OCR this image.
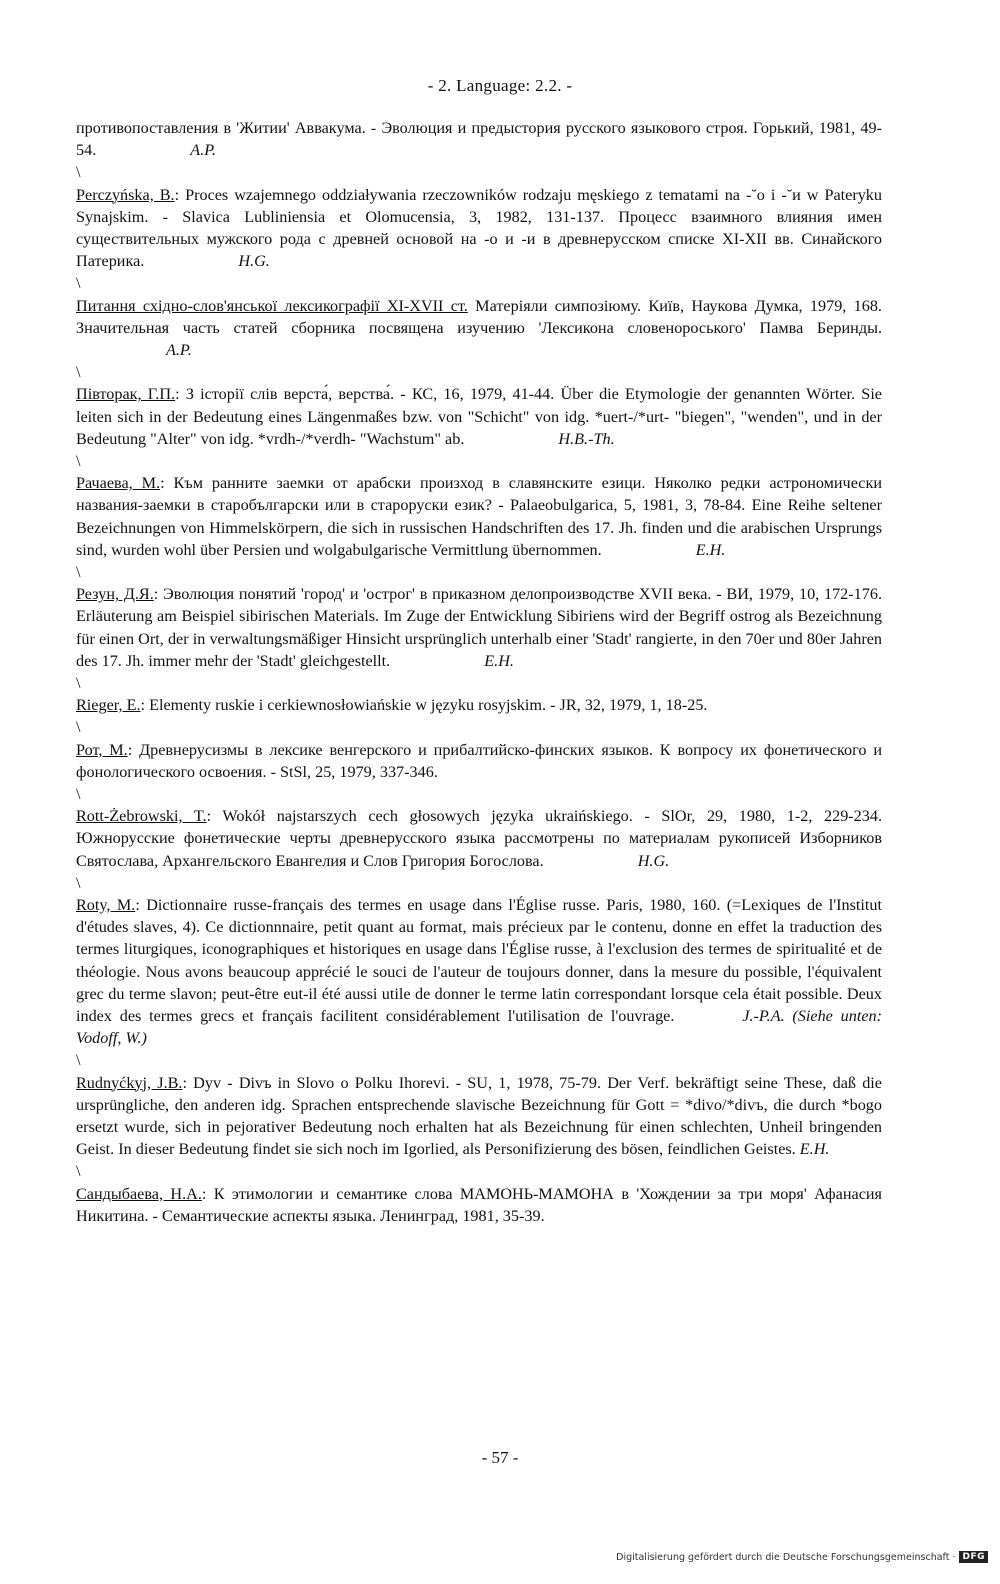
- 2. Language: 2.2. -

противопоставления в 'Житии' Аввакума. - Эволюция и предыстория русского языкового строя. Горький, 1981, 49-54.	A.P.

\

Perczyńska, B.: Proces wzajemnego oddziaływania rzeczowników rodzaju męskiego z tematami na -˘o i -˘и w Pateryku Synajskim. - Slavica Lubliniensia et Olomucensia, 3, 1982, 131-137. Процесс взаимного влияния имен существительных мужского рода с древней основой на -о и -и в древнерусском списке XI-XII вв. Синайского Патерика.	H.G.

\

Питання східно-слов'янської лексикографії XI-XVII ст. Матеріяли симпозіюму. Київ, Наукова Думка, 1979, 168. Значительная часть статей сборника посвящена изучению 'Лексикона словенороського' Памва Беринды. A.P.

\

Півторак, Г.П.: З історії слів верста́, верства́. - КС, 16, 1979, 41-44. Über die Etymologie der genannten Wörter. Sie leiten sich in der Bedeutung eines Längenmaßes bzw. von "Schicht" von idg. *uert-/*urt- "biegen", "wenden", und in der Bedeutung "Alter" von idg. *vrdh-/*verdh- "Wachstum" ab.	H.B.-Th.

\

Рачаева, М.: Към ранните заемки от арабски произход в славянските езици. Няколко редки астрономически названия-заемки в старобългарски или в староруски език? - Palaeobulgarica, 5, 1981, 3, 78-84. Eine Reihe seltener Bezeichnungen von Himmelskörpern, die sich in russischen Handschriften des 17. Jh. finden und die arabischen Ursprungs sind, wurden wohl über Persien und wolgabulgarische Vermittlung übernommen.	E.H.

\

Резун, Д.Я.: Эволюция понятий 'город' и 'острог' в приказном делопроизводстве XVII века. - ВИ, 1979, 10, 172-176. Erläuterung am Beispiel sibirischen Materials. Im Zuge der Entwicklung Sibiriens wird der Begriff ostrog als Bezeichnung für einen Ort, der in verwaltungsmäßiger Hinsicht ursprünglich unterhalb einer 'Stadt' rangierte, in den 70er und 80er Jahren des 17. Jh. immer mehr der 'Stadt' gleichgestellt.	E.H.

\

Rieger, E.: Elementy ruskie i cerkiewnosłowiańskie w języku rosyjskim. - JR, 32, 1979, 1, 18-25.

\

Рот, М.: Древнерусизмы в лексике венгерского и прибалтийско-финских языков. К вопросу их фонетического и фонологического освоения. - StSl, 25, 1979, 337-346.

\

Rott-Żebrowski, T.: Wokół najstarszych cech głosowych języka ukraińskiego. - SlOr, 29, 1980, 1-2, 229-234. Южнорусские фонетические черты древнерусского языка рассмотрены по материалам рукописей Изборников Святослава, Архангельского Евангелия и Слов Григория Богослова.	H.G.

\

Roty, M.: Dictionnaire russe-français des termes en usage dans l'Église russe. Paris, 1980, 160. (=Lexiques de l'Institut d'études slaves, 4). Ce dictionnnaire, petit quant au format, mais précieux par le contenu, donne en effet la traduction des termes liturgiques, iconographiques et historiques en usage dans l'Église russe, à l'exclusion des termes de spiritualité et de théologie. Nous avons beaucoup apprécié le souci de l'auteur de toujours donner, dans la mesure du possible, l'équivalent grec du terme slavon; peut-être eut-il été aussi utile de donner le terme latin correspondant lorsque cela était possible. Deux index des termes grecs et français facilitent considérablement l'utilisation de l'ouvrage.	J.-P.A. (Siehe unten: Vodoff, W.)

\

Rudnyćkyj, J.B.: Dyv - Divъ in Slovo o Polku Ihorevi. - SU, 1, 1978, 75-79. Der Verf. bekräftigt seine These, daß die ursprüngliche, den anderen idg. Sprachen entsprechende slavische Bezeichnung für Gott = *divo/*divъ, die durch *bogo ersetzt wurde, sich in pejorativer Bedeutung noch erhalten hat als Bezeichnung für einen schlechten, Unheil bringenden Geist. In dieser Bedeutung findet sie sich noch im Igorlied, als Personifizierung des bösen, feindlichen Geistes. E.H.

\

Сандыбаева, Н.А.: К этимологии и семантике слова МАМОНЬ-МАМОНА в 'Хождении за три моря' Афанасия Никитина. - Семантические аспекты языка. Ленинград, 1981, 35-39.

- 57 -
Digitalisierung gefördert durch die Deutsche Forschungsgemeinschaft · DFG
